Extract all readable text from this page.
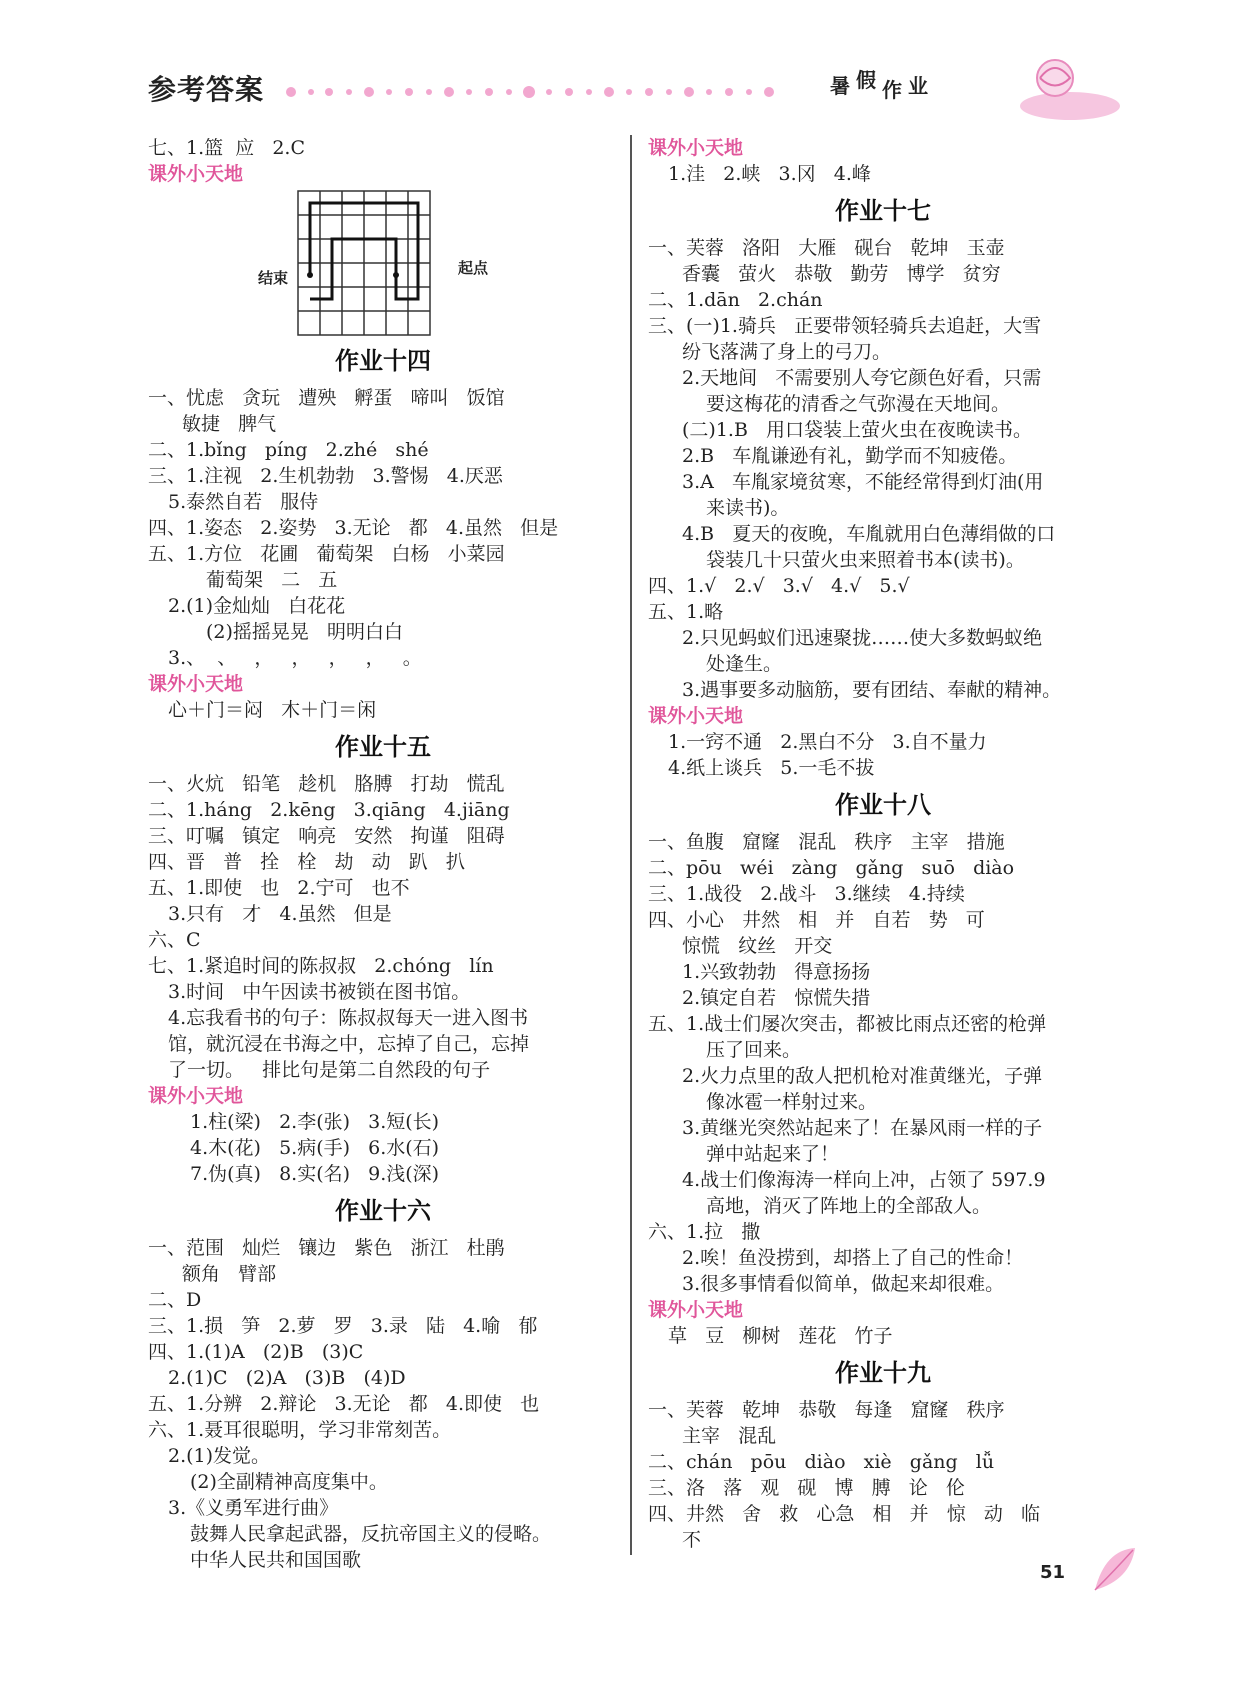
参考答案	暑 假 作 业
七、1.篮  应   2.C
课外小天地
结束
起点
作业十四
一、忧虑   贪玩   遭殃   孵蛋   啼叫   饭馆
敏捷   脾气
二、1.bǐng   píng   2.zhé   shé
三、1.注视   2.生机勃勃   3.警惕   4.厌恶
5.泰然自若   服侍
四、1.姿态   2.姿势   3.无论   都   4.虽然   但是
五、1.方位   花圃   葡萄架   白杨   小菜园
葡萄架   二   五
2.(1)金灿灿   白花花
(2)摇摇晃晃   明明白白
3.、  、   ，   ，   ，   ，   。
课外小天地
心＋门＝闷   木＋门＝闲
作业十五
一、火炕   铅笔   趁机   胳膊   打劫   慌乱
二、1.háng   2.kēng   3.qiāng   4.jiāng
三、叮嘱   镇定   响亮   安然   拘谨   阻碍
四、晋   普   拴   栓   劫   动   趴   扒
五、1.即使   也   2.宁可   也不
3.只有   才   4.虽然   但是
六、C
七、1.紧追时间的陈叔叔   2.chóng   lín
3.时间   中午因读书被锁在图书馆。
4.忘我看书的句子：陈叔叔每天一进入图书
馆，就沉浸在书海之中，忘掉了自己，忘掉
了一切。   排比句是第二自然段的句子
课外小天地
1.柱(梁)   2.李(张)   3.短(长)
4.木(花)   5.病(手)   6.水(石)
7.伪(真)   8.实(名)   9.浅(深)
作业十六
一、范围   灿烂   镶边   紫色   浙江   杜鹃
额角   臂部
二、D
三、1.损   笋   2.萝   罗   3.录   陆   4.喻   郁
四、1.(1)A   (2)B   (3)C
2.(1)C   (2)A   (3)B   (4)D
五、1.分辨   2.辩论   3.无论   都   4.即使   也
六、1.聂耳很聪明，学习非常刻苦。
2.(1)发觉。
(2)全副精神高度集中。
3.《义勇军进行曲》
鼓舞人民拿起武器，反抗帝国主义的侵略。
中华人民共和国国歌
课外小天地
1.洼   2.峡   3.冈   4.峰
作业十七
一、芙蓉   洛阳   大雁   砚台   乾坤   玉壶
香囊   萤火   恭敬   勤劳   博学   贫穷
二、1.dān   2.chán
三、(一)1.骑兵   正要带领轻骑兵去追赶，大雪
纷飞落满了身上的弓刀。
2.天地间   不需要别人夸它颜色好看，只需
要这梅花的清香之气弥漫在天地间。
(二)1.B   用口袋装上萤火虫在夜晚读书。
2.B   车胤谦逊有礼，勤学而不知疲倦。
3.A   车胤家境贫寒，不能经常得到灯油(用
来读书)。
4.B   夏天的夜晚，车胤就用白色薄绢做的口
袋装几十只萤火虫来照着书本(读书)。
四、1.√   2.√   3.√   4.√   5.√
五、1.略
2.只见蚂蚁们迅速聚拢……使大多数蚂蚁绝
处逢生。
3.遇事要多动脑筋，要有团结、奉献的精神。
课外小天地
1.一窍不通   2.黑白不分   3.自不量力
4.纸上谈兵   5.一毛不拔
作业十八
一、鱼腹   窟窿   混乱   秩序   主宰   措施
二、pōu   wéi   zàng   gǎng   suō   diào
三、1.战役   2.战斗   3.继续   4.持续
四、小心   井然   相   并   自若   势   可
惊慌   纹丝   开交
1.兴致勃勃   得意扬扬
2.镇定自若   惊慌失措
五、1.战士们屡次突击，都被比雨点还密的枪弹
压了回来。
2.火力点里的敌人把机枪对准黄继光，子弹
像冰雹一样射过来。
3.黄继光突然站起来了！在暴风雨一样的子
弹中站起来了！
4.战士们像海涛一样向上冲，占领了 597.9
高地，消灭了阵地上的全部敌人。
六、1.拉   撒
2.唉！鱼没捞到，却搭上了自己的性命！
3.很多事情看似简单，做起来却很难。
课外小天地
草   豆   柳树   莲花   竹子
作业十九
一、芙蓉   乾坤   恭敬   每逢   窟窿   秩序
主宰   混乱
二、chán   pōu   diào   xiè   gǎng   lǚ
三、洛   落   观   砚   博   膊   论   伦
四、井然   舍   救   心急   相   并   惊   动   临
不
51
